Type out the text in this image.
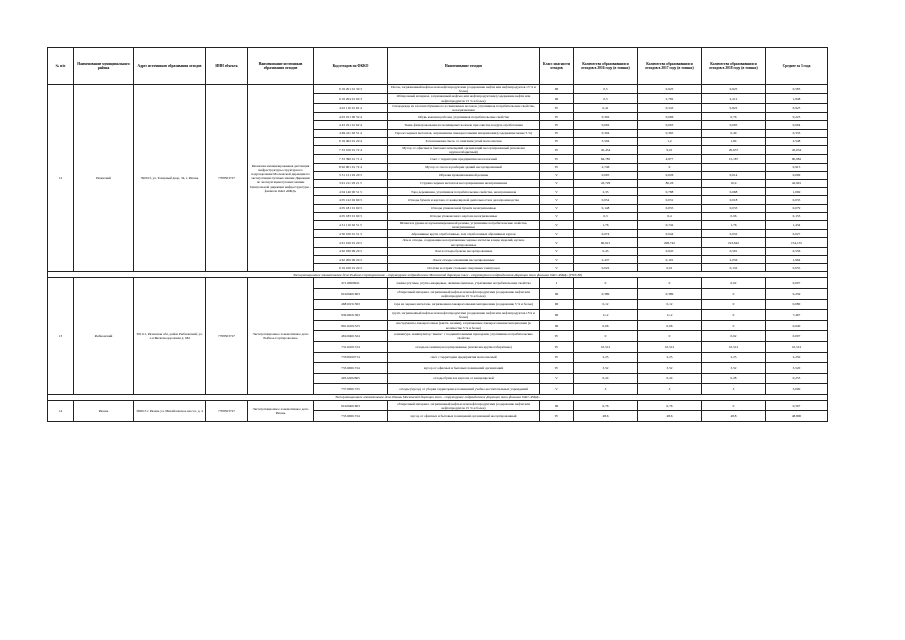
№ п/п	Наименование муниципального района	Адрес источников образования отходов	ИНН объекта	Наименование источников образования отходов	Код отходов по ФККО	Наименование отходов	Класс опасности отходов	Количество образовавшихся отходов в 2016 году (в тоннах)	Количество образовавшихся отходов в 2017 году (в тоннах)	Количество образовавшихся отходов в 2018 году (в тоннах)	Среднее за 3 года
12	Рязанский	390013, ул. Товарный двор, 34, г. Рязань	7708503727	Рязанская механизированная дистанция инфраструктуры структурного подразделения Московской дирекции по эксплуатации путевых машин Дирекции по эксплуатации путевых машин Центральной дирекции инфраструктуры - филиала ОАО «РЖД»	9 19 201 01 39 3	Песок, загрязненный нефтью или нефтепродуктами (содержание нефти или нефтепродуктов 15 % и более)	III	0,5	0,625	0,625	0,583
					9 19 204 01 60 3	Обтирочный материал, загрязненный нефтью или нефтепродуктами (содержание нефти или нефтепродуктов 15 % и более)	III	0,5	2,782	2,212	1,848
					4 02 110 01 62 4	Спецодежда из хлопчатобумажного и смешанных волокон, утратившая потребительские свойства, незагрязненная	IV	0,41	0,543	0,822	0,925
					4 03 101 00 52 4	Обувь кожаная рабочая, утратившая потребительские свойства	IV	0,302	0,096	0,76	0,223
					4 43 221 01 62 4	Ткань фильтровальная из полимерных волокон при очистке воздуха отработанная	IV	0,002	0,003	0,005	0,004
					4 69 411 02 51 4	Тара из черных металлов, загрязненная лакокрасочными материалами (содержание менее 5 %)	IV	0,304	0,365	0,49	0,333
					9 19 402 01 20 4	Золошлаковая смесь от сжигания углей малоопасная	IV	3,594	1,2	1,84	2,548
					7 33 100 01 72 4	Мусор от офисных и бытовых помещений организаций несортированный (исключая крупногабаритный)	IV	45,454	9,01	20,637	45,034
					7 33 390 01 71 4	Смет с территории предприятия малоопасный	IV	84,785	4,877	15,187	90,982
					8 92 001 01 72 4	Мусор от сноса и разборки зданий несортированный	IV	2,746	0		0,915
					3 31 151 02 20 5	Обрезки вулканизованной резины	V	0,005	0,026	0,014	0,009
					3 61 211 03 21 5	Стружка черных металлов несортированная незагрязненная	V	43,729	80,26	10,4	42,991
					4 04 140 00 51 5	Тара деревянная, утратившая потребительские свойства, незагрязненная	V	2,33	0,788	0,668	1,069
					4 05 122 02 60 5	Отходы бумаги и картона от канцелярской деятельности и делопроизводства	V	0,054	0,031	0,018	0,035
					4 05 181 01 60 5	Отходы упаковочной бумаги незагрязненные	V	0,148	0,055	0,033	0,079
					4 05 183 01 60 5	Отходы упаковочного картона незагрязненные	V	0,3	0,4	0,06	0,153
					4 31 110 02 51 5	Шланги и рукава из вулканизированной резины, утратившие потребительские свойства, незагрязненные	V	1,76	0,742	1,76	1,434
					4 56 100 01 51 5	Абразивные круги отработанные, лом отработанных абразивных кругов	V	0,074	0,044	0,032	0,027
					4 61 010 01 20 5	Лом и отходы, содержащие незагрязненные черные металлы в виде изделий, кусков, несортированные	V	60,021	208,742	193,642	154,135
					4 62 030 99 20 5	Лом и отходы бронзы несортированные	V	0,45	0,645	0,591	0,556
					4 62 200 06 20 5	Лом и отходы алюминия несортированные	V	2,437	0,191	2,056	1,964
					9 19 100 01 20 5	Остатки и огарки стальных сварочных электродов	V	0,022	0,01	0,132	0,055
Эксплуатационное локомотивное депо Рыбное-Сортировочное - структурное подразделение Московской дирекции тяги - структурного подразделения Дирекции тяги филиала ОАО «РЖД» (ТЧЭ-38)											
13	Рыбновский	391111, Рязанская обл, район Рыбновский, ул. 1-я Железнодорожная д. 6Ы	7708503727	Эксплуатационное локомотивное депо Рыбное-Сортировочное	47110000921	лампы ртутные, ртутно-кварцевые, люминесцентные, утратившие потребительские свойства	I	0	0	0,02	0,007
					91920401603	обтирочный материал, загрязненный нефтью или нефтепродуктами (содержание нефти или нефтепродуктов 15 % и более)	III	0,389	0,389	0	0,259
					46810151393	тара из черных металлов, загрязненная лакокрасочными материалами (содержание 5 % и более)	III	0,12	0,12	0	0,080
					93910021393	грунт, загрязненный нефтью или нефтепродуктами (содержание нефти или нефтепродуктов 15% и более)	III	11,2	11,2	0	7,467
					89111001523	инструменты лакокрасочные (кисти, валики), загрязненные лакокрасочными материалами (в количестве 5 % и более)	III	0,06	0,06	0	0,040
					48120401524	клавиатура, манипулятор "мышь" с соединительными проводами, утратившие потребительские свойства	IV	0	0	0,02	0,007
					73111001724	отходы из жилищ несортированные (исключая крупногабаритные)	IV	10,512	10,512	10,512	10,512
					73339100714	смет с территории предприятия малоопасный	IV	2,25	2,25	2,25	2,250
					73310001724	мусор от офисных и бытовых помещений организаций	IV	3,52	3,52	3,52	3,520
					40512202605	отходы бумаги и картона от канцелярской	V	0,24	0,24	0,28	0,253
					73710001725	отходы (мусор) от уборки территории и помещений учебно-воспитательных учреждений	V	3	3	3	3,000
Эксплуатационное локомотивное депо Рязань Московской дирекции тяги - структурное подразделение Дирекции тяги филиала ОАО «РЖД»											
14	Рязань	390013 г. Рязань ул. Михайловское шоссе, д. 4	7708503727	Эксплуатационное локомотивное депо Рязань	91920401603	обтирочный материал, загрязненный нефтью или нефтепродуктами (содержание нефти или нефтепродуктов 15 % и более)	III	0,76	0,76	0	0,507
					73310001724	мусор от офисных и бытовых помещений организаций несортированный	IV	48,6	48,6	48,8	48,800
